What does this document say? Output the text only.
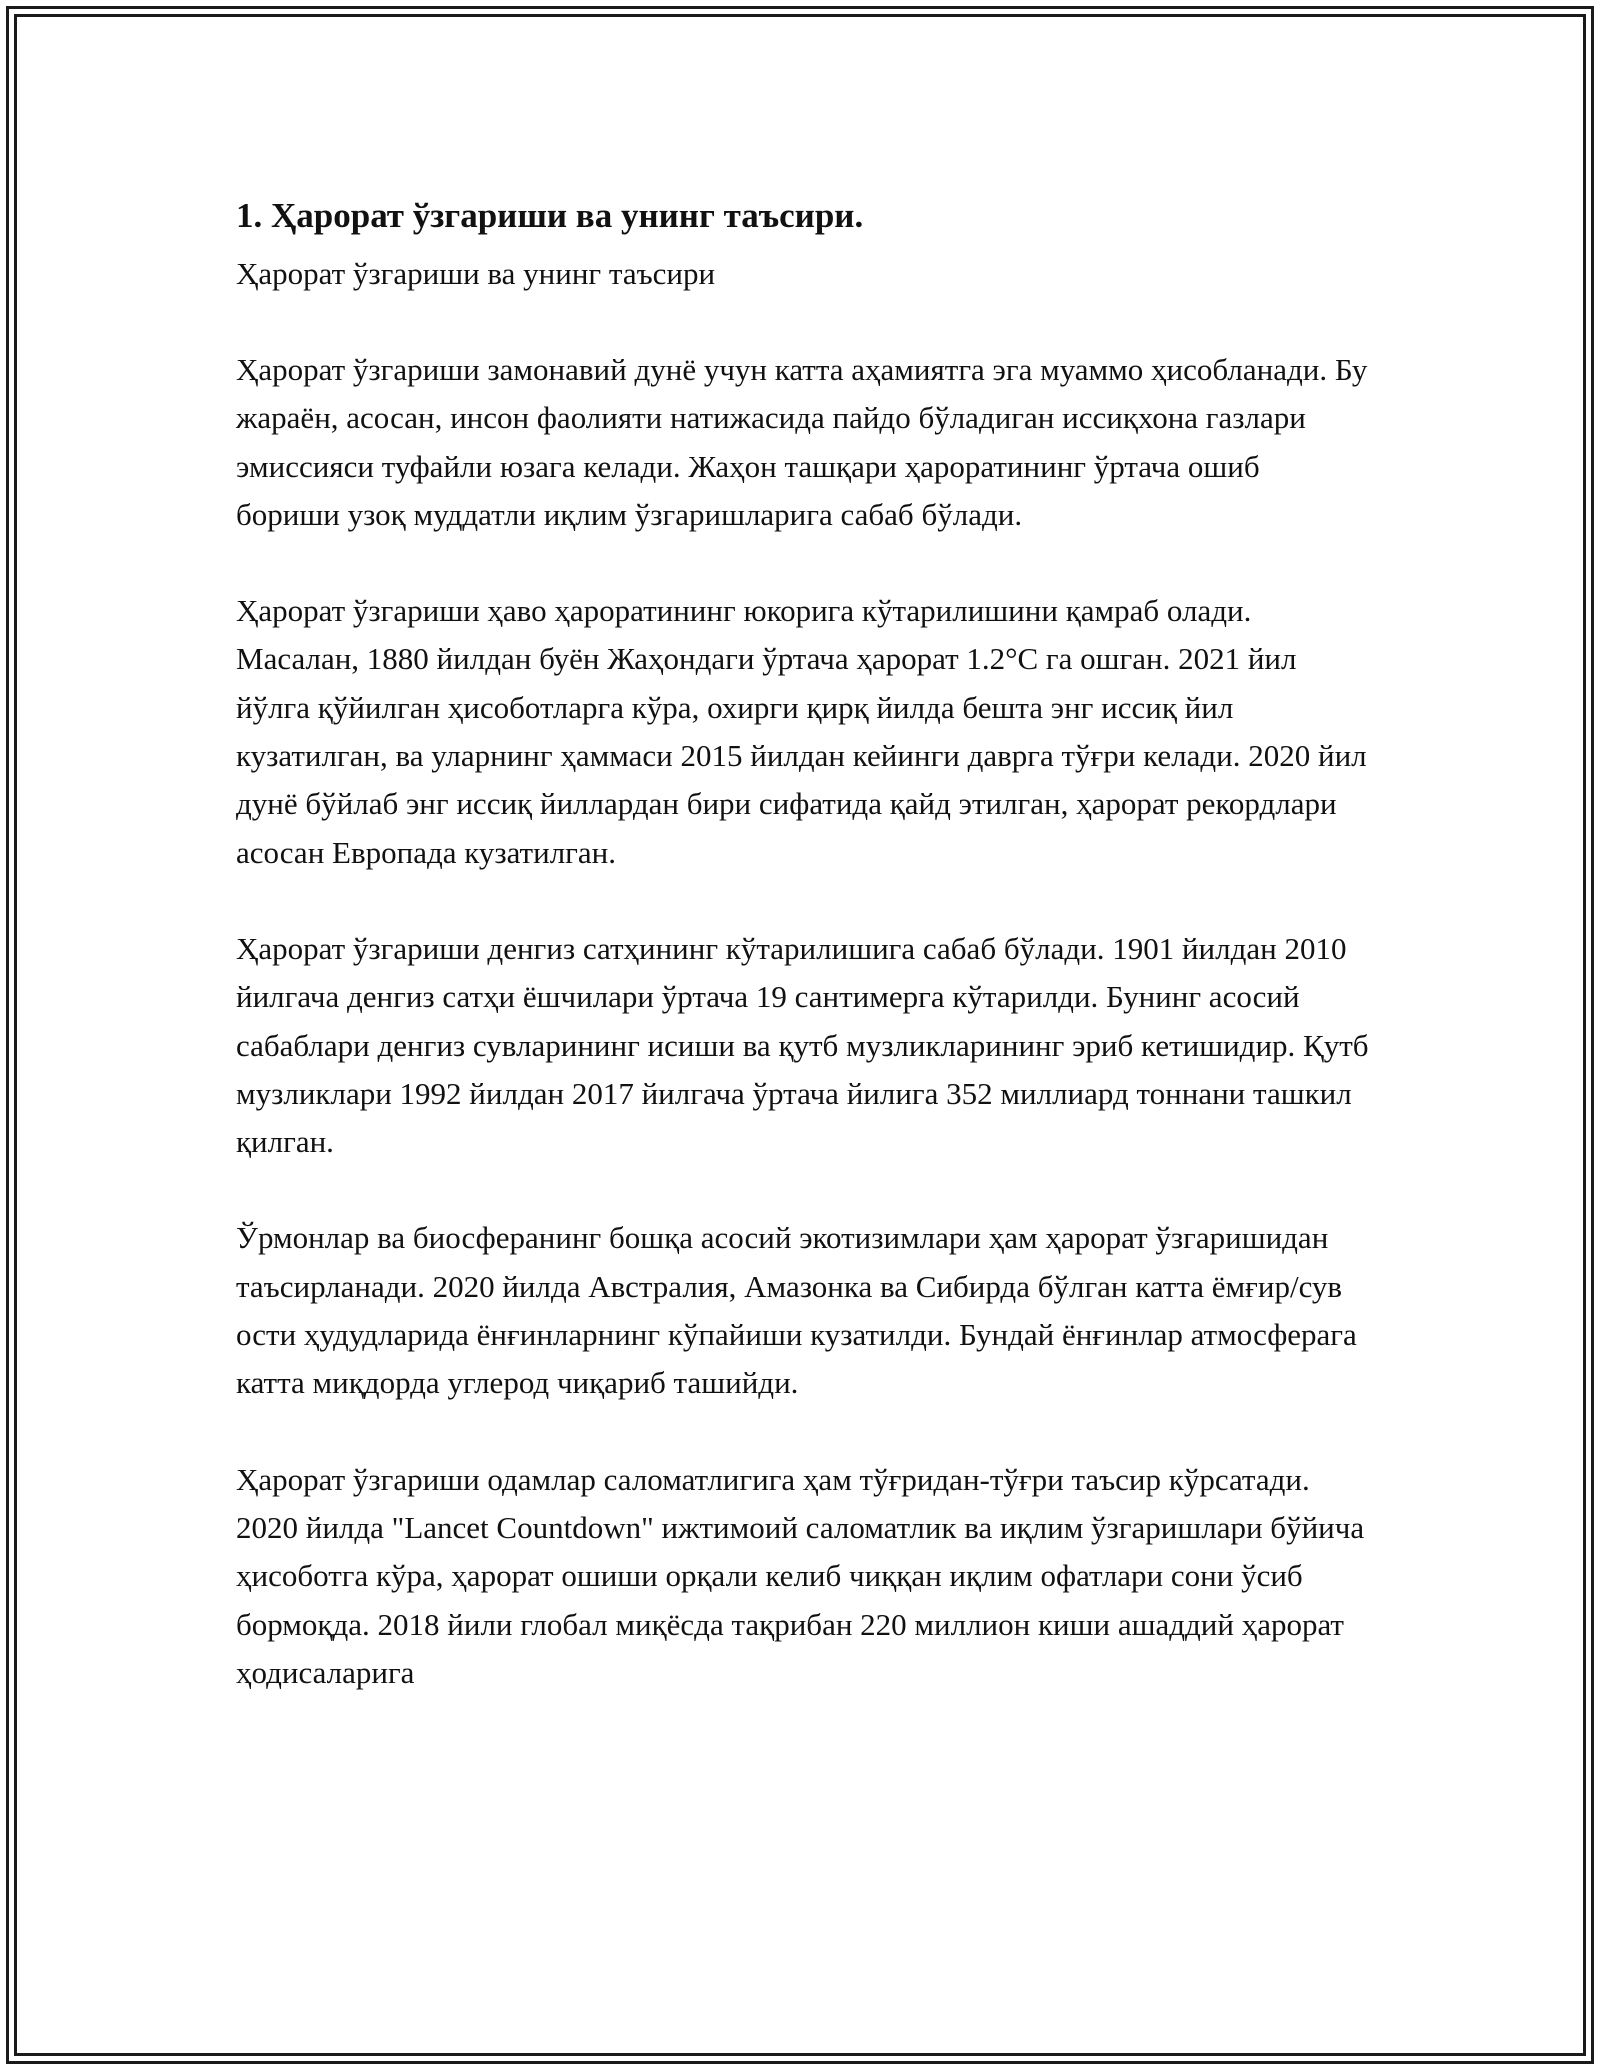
1. Ҳарорат ўзгариши ва унинг таъсири.

Ҳарорат ўзгариши ва унинг таъсири

Ҳарорат ўзгариши замонавий дунё учун катта аҳамиятга эга муаммо ҳисобланади. Бу жараён, асосан, инсон фаолияти натижасида пайдо бўладиган иссиқхона газлари эмиссияси туфайли юзага келади. Жаҳон ташқари ҳароратининг ўртача ошиб бориши узоқ муддатли иқлим ўзгаришларига сабаб бўлади.

Ҳарорат ўзгариши ҳаво ҳароратининг юкорига кўтарилишини қамраб олади. Масалан, 1880 йилдан буён Жаҳондаги ўртача ҳарорат 1.2°C га ошган. 2021 йил йўлга қўйилган ҳисоботларга кўра, охирги қирқ йилда бешта энг иссиқ йил кузатилган, ва уларнинг ҳаммаси 2015 йилдан кейинги даврга тўғри келади. 2020 йил дунё бўйлаб энг иссиқ йиллардан бири сифатида қайд этилган, ҳарорат рекордлари асосан Европада кузатилган.

Ҳарорат ўзгариши денгиз сатҳининг кўтарилишига сабаб бўлади. 1901 йилдан 2010 йилгача денгиз сатҳи ёшчилари ўртача 19 сантимерга кўтарилди. Бунинг асосий сабаблари денгиз сувларининг исиши ва қутб музликларининг эриб кетишидир. Қутб музликлари 1992 йилдан 2017 йилгача ўртача йилига 352 миллиард тоннани ташкил қилган.

Ўрмонлар ва биосферанинг бошқа асосий экотизимлари ҳам ҳарорат ўзгаришидан таъсирланади. 2020 йилда Австралия, Амазонка ва Сибирда бўлган катта ёмғир/сув ости ҳудудларида ёнғинларнинг кўпайиши кузатилди. Бундай ёнғинлар атмосферага катта миқдорда углерод чиқариб ташийди.

Ҳарорат ўзгариши одамлар саломатлигига ҳам тўғридан-тўғри таъсир кўрсатади. 2020 йилда "Lancet Countdown" ижтимоий саломатлик ва иқлим ўзгаришлари бўйича ҳисоботга кўра, ҳарорат ошиши орқали келиб чиққан иқлим офатлари сони ўсиб бормоқда. 2018 йили глобал миқёсда тақрибан 220 миллион киши ашаддий ҳарорат ҳодисаларига
